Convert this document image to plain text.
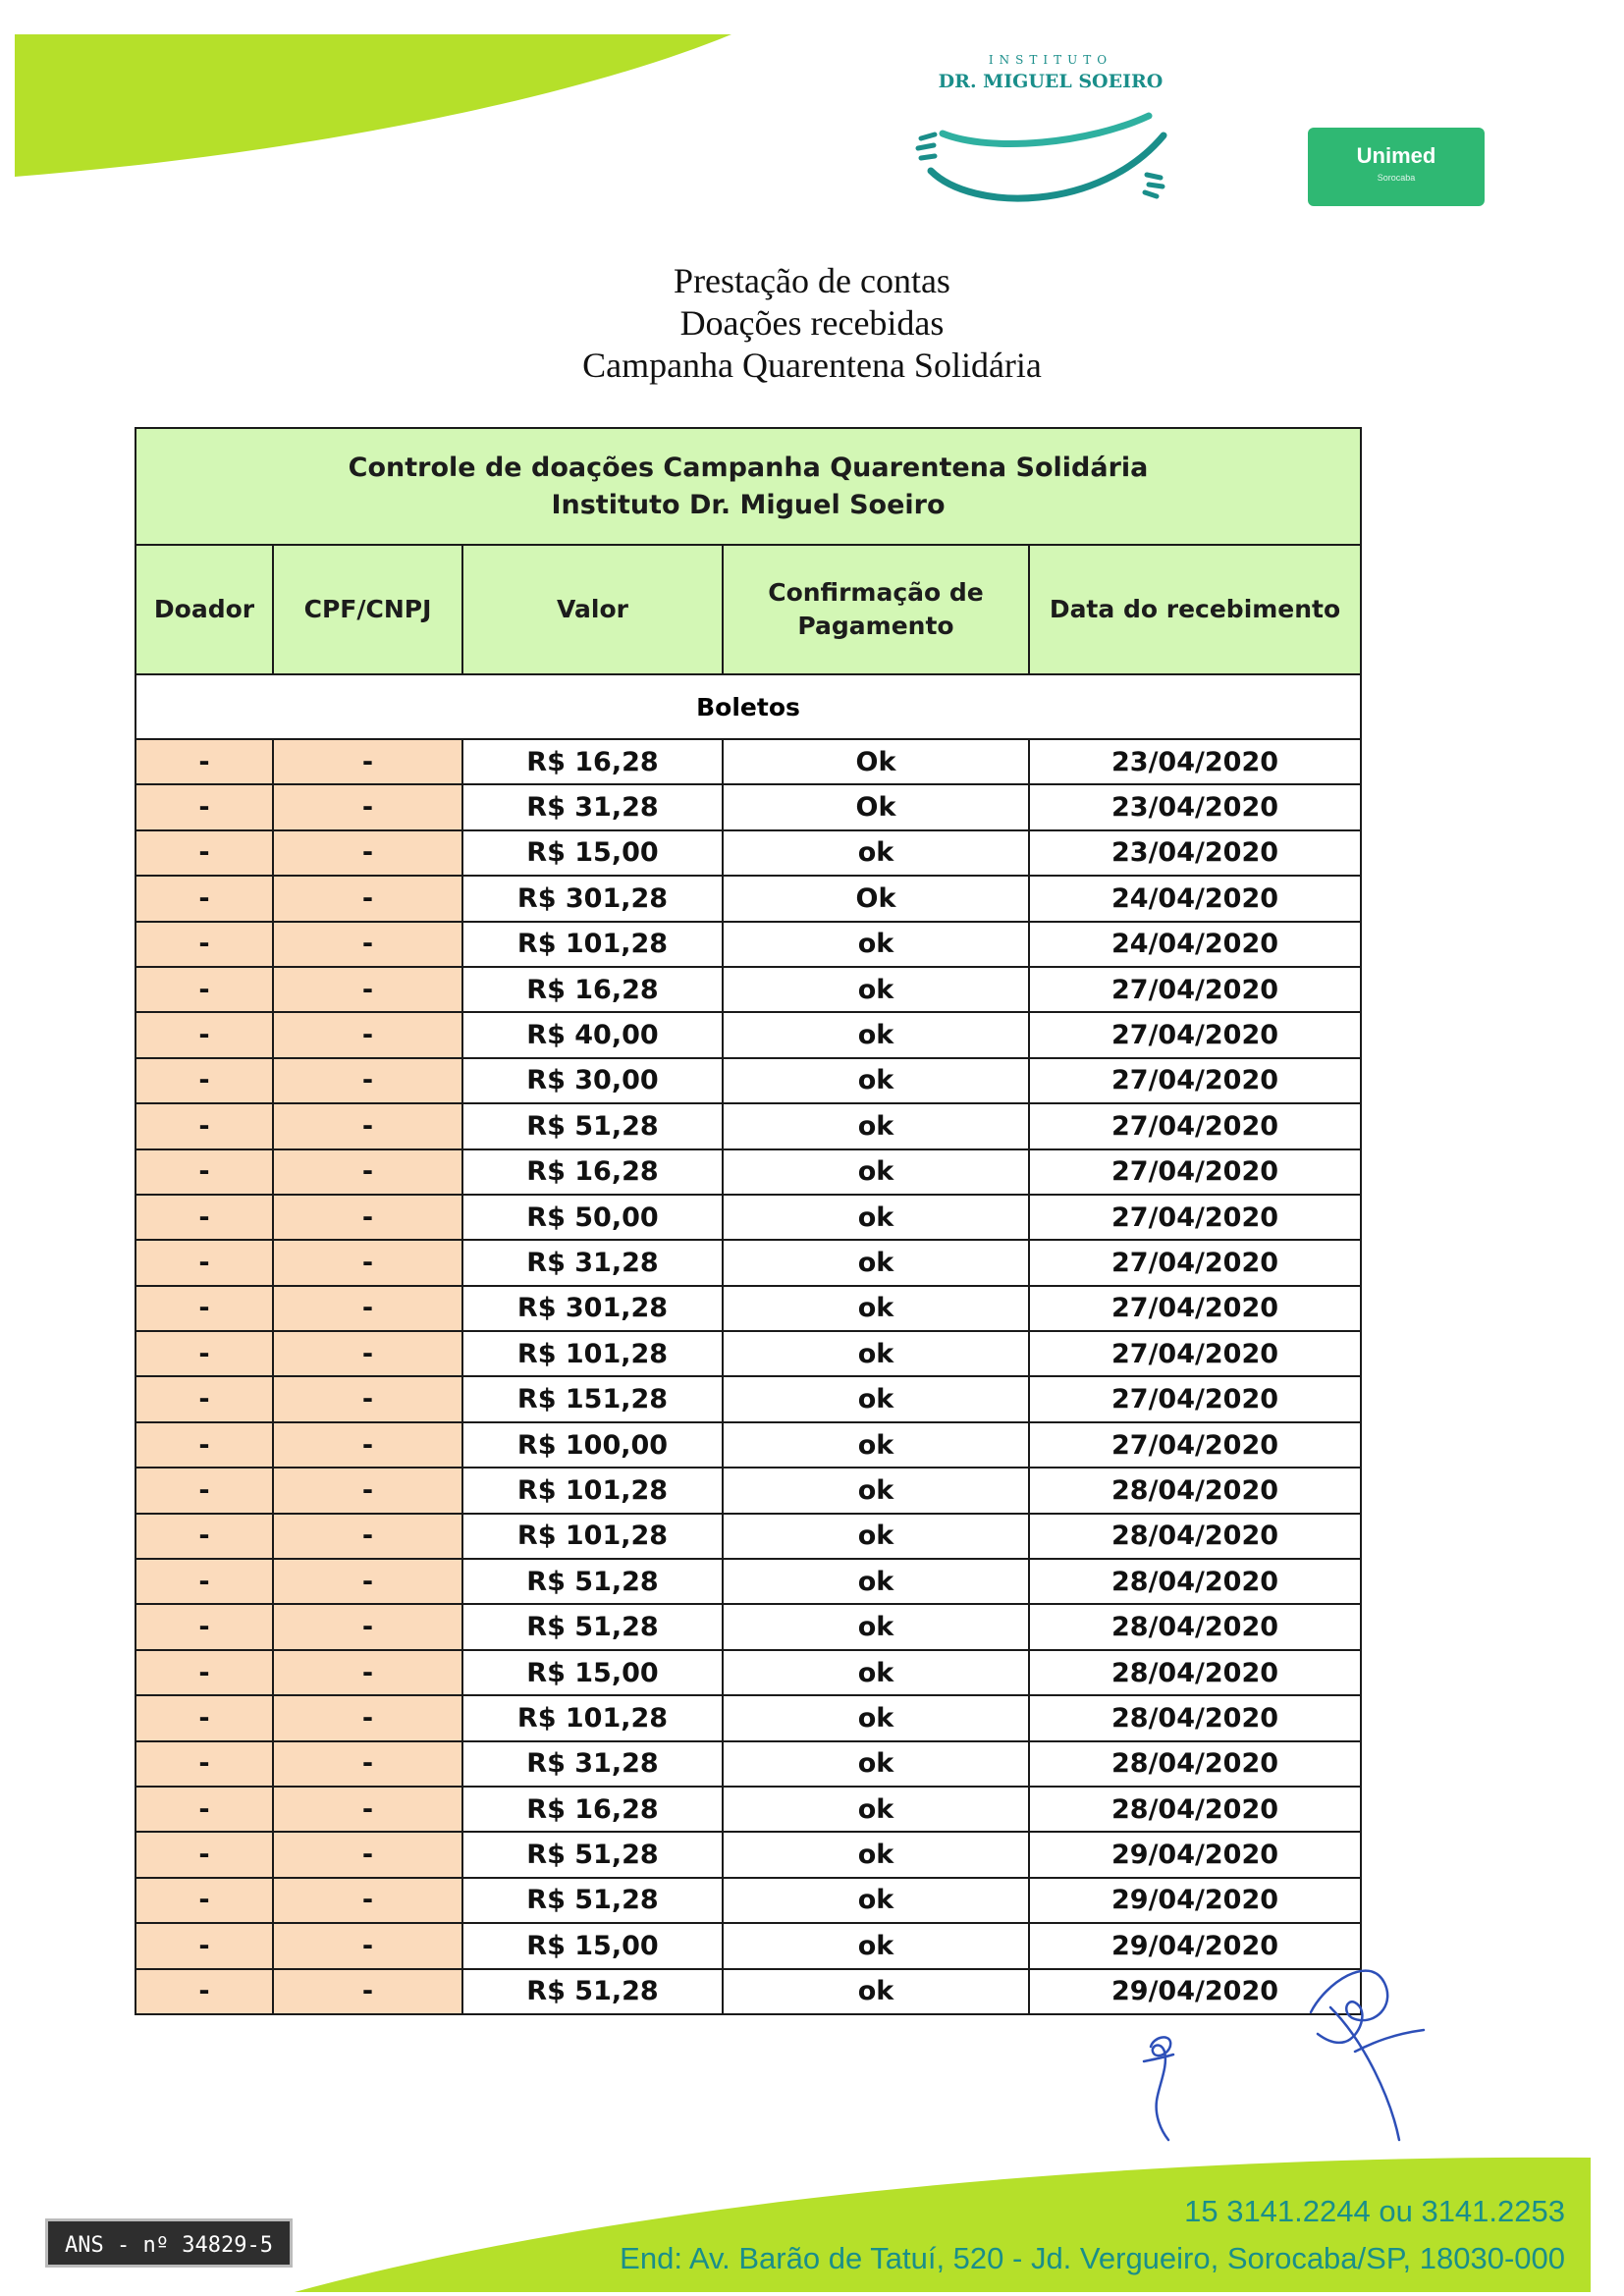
INSTITUTO
DR. MIGUEL SOEIRO
Unimed
Sorocaba
Prestação de contas
Doações recebidas
Campanha Quarentena Solidária
Controle de doações Campanha Quarentena Solidária
Instituto Dr. Miguel Soeiro				

Doador	CPF/CNPJ	Valor	Confirmação de Pagamento	Data do recebimento
Boletos				
-	-	R$ 16,28	Ok	23/04/2020
-	-	R$ 31,28	Ok	23/04/2020
-	-	R$ 15,00	ok	23/04/2020
-	-	R$ 301,28	Ok	24/04/2020
-	-	R$ 101,28	ok	24/04/2020
-	-	R$ 16,28	ok	27/04/2020
-	-	R$ 40,00	ok	27/04/2020
-	-	R$ 30,00	ok	27/04/2020
-	-	R$ 51,28	ok	27/04/2020
-	-	R$ 16,28	ok	27/04/2020
-	-	R$ 50,00	ok	27/04/2020
-	-	R$ 31,28	ok	27/04/2020
-	-	R$ 301,28	ok	27/04/2020
-	-	R$ 101,28	ok	27/04/2020
-	-	R$ 151,28	ok	27/04/2020
-	-	R$ 100,00	ok	27/04/2020
-	-	R$ 101,28	ok	28/04/2020
-	-	R$ 101,28	ok	28/04/2020
-	-	R$ 51,28	ok	28/04/2020
-	-	R$ 51,28	ok	28/04/2020
-	-	R$ 15,00	ok	28/04/2020
-	-	R$ 101,28	ok	28/04/2020
-	-	R$ 31,28	ok	28/04/2020
-	-	R$ 16,28	ok	28/04/2020
-	-	R$ 51,28	ok	29/04/2020
-	-	R$ 51,28	ok	29/04/2020
-	-	R$ 15,00	ok	29/04/2020
-	-	R$ 51,28	ok	29/04/2020
ANS - nº 34829-5
15 3141.2244 ou 3141.2253
End: Av. Barão de Tatuí, 520 - Jd. Vergueiro, Sorocaba/SP, 18030-000
